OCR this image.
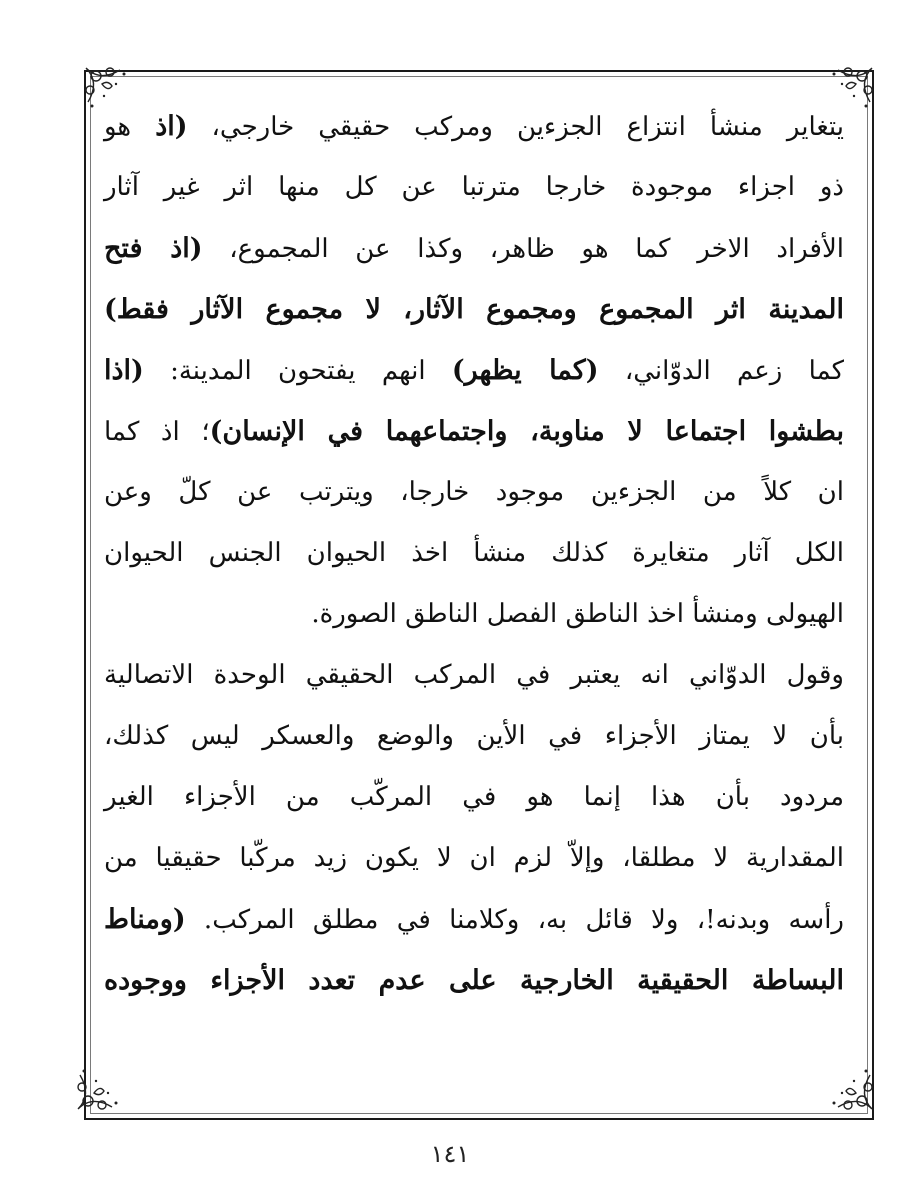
يتغاير منشأ انتزاع الجزءين ومركب حقيقي خارجي، (اذ هو
ذو اجزاء موجودة خارجا مترتبا عن كل منها اثر غير آثار
الأفراد الاخر كما هو ظاهر، وكذا عن المجموع، (اذ فتح
المدينة اثر المجموع ومجموع الآثار، لا مجموع الآثار فقط)
كما زعم الدوّاني، (كما يظهر) انهم يفتحون المدينة: (اذا
بطشوا اجتماعا لا مناوبة، واجتماعهما في الإنسان)؛ اذ كما
ان كلاً من الجزءين موجود خارجا، ويترتب عن كلّ وعن
الكل آثار متغايرة كذلك منشأ اخذ الحيوان الجنس الحيوان
الهيولى ومنشأ اخذ الناطق الفصل الناطق الصورة.
وقول الدوّاني انه يعتبر في المركب الحقيقي الوحدة الاتصالية
بأن لا يمتاز الأجزاء في الأين والوضع والعسكر ليس كذلك،
مردود بأن هذا إنما هو في المركّب من الأجزاء الغير
المقدارية لا مطلقا، وإلاّ لزم ان لا يكون زيد مركّبا حقيقيا من
رأسه وبدنه!، ولا قائل به، وكلامنا في مطلق المركب. (ومناط
البساطة الحقيقية الخارجية على عدم تعدد الأجزاء ووجوده
١٤١
